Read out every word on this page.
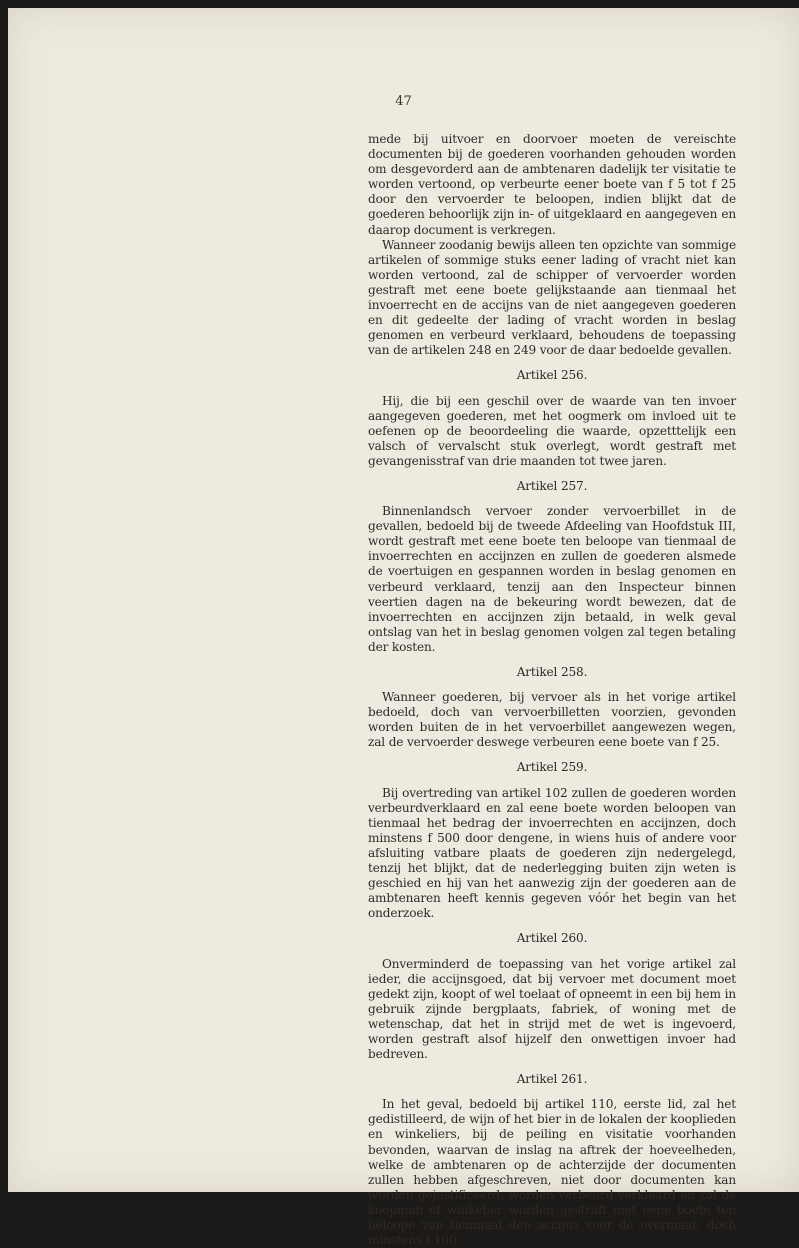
47

mede bij uitvoer en doorvoer moeten de vereischte documenten bij de goederen voorhanden gehouden worden om desgevorderd aan de ambtenaren dadelijk ter visitatie te worden vertoond, op verbeurte eener boete van f 5 tot f 25 door den vervoerder te beloopen, indien blijkt dat de goederen behoorlijk zijn in- of uitgeklaard en aangegeven en daarop document is verkregen.

Wanneer zoodanig bewijs alleen ten opzichte van sommige artikelen of sommige stuks eener lading of vracht niet kan worden vertoond, zal de schipper of vervoerder worden gestraft met eene boete gelijkstaande aan tienmaal het invoerrecht en de accijns van de niet aangegeven goederen en dit gedeelte der lading of vracht worden in beslag genomen en verbeurd verklaard, behoudens de toepassing van de artikelen 248 en 249 voor de daar bedoelde gevallen.

Artikel 256.

Hij, die bij een geschil over de waarde van ten invoer aangegeven goederen, met het oogmerk om invloed uit te oefenen op de beoordeeling die waarde, opzetttelijk een valsch of vervalscht stuk overlegt, wordt gestraft met gevangenisstraf van drie maanden tot twee jaren.

Artikel 257.

Binnenlandsch vervoer zonder vervoerbillet in de gevallen, bedoeld bij de tweede Afdeeling van Hoofdstuk III, wordt gestraft met eene boete ten beloope van tienmaal de invoerrechten en accijnzen en zullen de goederen alsmede de voertuigen en gespannen worden in beslag genomen en verbeurd verklaard, tenzij aan den Inspecteur binnen veertien dagen na de bekeuring wordt bewezen, dat de invoerrechten en accijnzen zijn betaald, in welk geval ontslag van het in beslag genomen volgen zal tegen betaling der kosten.

Artikel 258.

Wanneer goederen, bij vervoer als in het vorige artikel bedoeld, doch van vervoerbilletten voorzien, gevonden worden buiten de in het vervoerbillet aangewezen wegen, zal de vervoerder deswege verbeuren eene boete van f 25.

Artikel 259.

Bij overtreding van artikel 102 zullen de goederen worden verbeurdverklaard en zal eene boete worden beloopen van tienmaal het bedrag der invoerrechten en accijnzen, doch minstens f 500 door dengene, in wiens huis of andere voor afsluiting vatbare plaats de goederen zijn nedergelegd, tenzij het blijkt, dat de nederlegging buiten zijn weten is geschied en hij van het aanwezig zijn der goederen aan de ambtenaren heeft kennis gegeven vóór het begin van het onderzoek.

Artikel 260.

Onverminderd de toepassing van het vorige artikel zal ieder, die accijnsgoed, dat bij vervoer met document moet gedekt zijn, koopt of wel toelaat of opneemt in een bij hem in gebruik zijnde bergplaats, fabriek, of woning met de wetenschap, dat het in strijd met de wet is ingevoerd, worden gestraft alsof hijzelf den onwettigen invoer had bedreven.

Artikel 261.

In het geval, bedoeld bij artikel 110, eerste lid, zal het gedistilleerd, de wijn of het bier in de lokalen der kooplieden en winkeliers, bij de peiling en visitatie voorhanden bevonden, waarvan de inslag na aftrek der hoeveelheden, welke de ambtenaren op de achterzijde der documenten zullen hebben afgeschreven, niet door documenten kan worden gejustificeerd, worden verbeurd verklaard en zal de koopman of winkelier worden gestraft met eene boete ten beloope van tienmaal den accijns voor de overmaat, doch minstens f 100.
